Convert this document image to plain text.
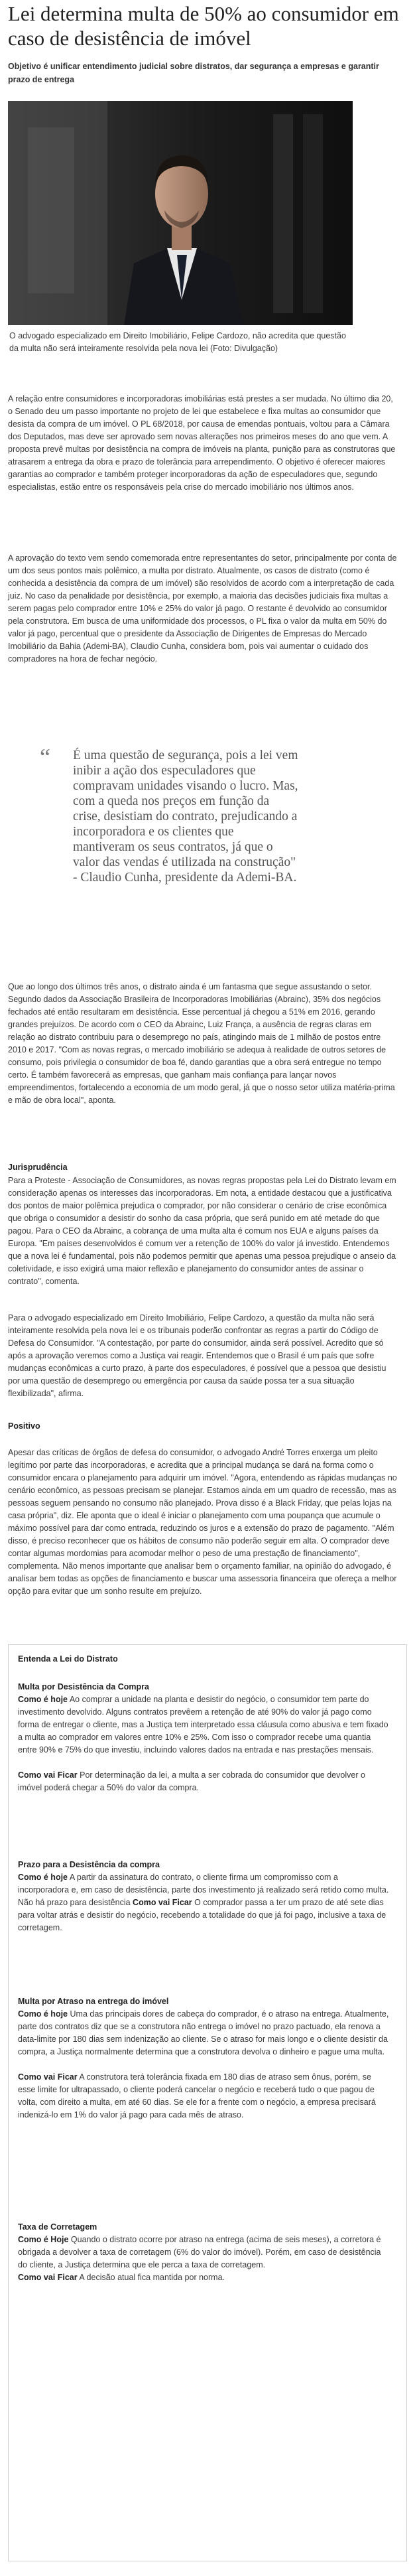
Lei determina multa de 50% ao consumidor em caso de desistência de imóvel
Objetivo é unificar entendimento judicial sobre distratos, dar segurança a empresas e garantir prazo de entrega
O advogado especializado em Direito Imobiliário, Felipe Cardozo, não acredita que questão da multa não será inteiramente resolvida pela nova lei (Foto: Divulgação)

A relação entre consumidores e incorporadoras imobiliárias está prestes a ser mudada. No último dia 20, o Senado deu um passo importante no projeto de lei que estabelece e fixa multas ao consumidor que desista da compra de um imóvel. O PL 68/2018, por causa de emendas pontuais, voltou para a Câmara dos Deputados, mas deve ser aprovado sem novas alterações nos primeiros meses do ano que vem. A proposta prevê multas por desistência na compra de imóveis na planta, punição para as construtoras que atrasarem a entrega da obra e prazo de tolerância para arrependimento. O objetivo é oferecer maiores garantias ao comprador e também proteger incorporadoras da ação de especuladores que, segundo especialistas, estão entre os responsáveis pela crise do mercado imobiliário nos últimos anos.

A aprovação do texto vem sendo comemorada entre representantes do setor, principalmente por conta de um dos seus pontos mais polêmico, a multa por distrato. Atualmente, os casos de distrato (como é conhecida a desistência da compra de um imóvel) são resolvidos de acordo com a interpretação de cada juiz. No caso da penalidade por desistência, por exemplo, a maioria das decisões judiciais fixa multas a serem pagas pelo comprador entre 10% e 25% do valor já pago. O restante é devolvido ao consumidor pela construtora. Em busca de uma uniformidade dos processos, o PL fixa o valor da multa em 50% do valor já pago, percentual que o presidente da Associação de Dirigentes de Empresas do Mercado Imobiliário da Bahia (Ademi-BA), Claudio Cunha, considera bom, pois vai aumentar o cuidado dos compradores na hora de fechar negócio.

“ É uma questão de segurança, pois a lei vem inibir a ação dos especuladores que compravam unidades visando o lucro. Mas, com a queda nos preços em função da crise, desistiam do contrato, prejudicando a incorporadora e os clientes que mantiveram os seus contratos, já que o valor das vendas é utilizada na construção" - Claudio Cunha, presidente da Ademi-BA.

Que ao longo dos últimos três anos, o distrato ainda é um fantasma que segue assustando o setor. Segundo dados da Associação Brasileira de Incorporadoras Imobiliárias (Abrainc), 35% dos negócios fechados até então resultaram em desistência. Esse percentual já chegou a 51% em 2016, gerando grandes prejuízos. De acordo com o CEO da Abrainc, Luiz França, a ausência de regras claras em relação ao distrato contribuiu para o desemprego no país, atingindo mais de 1 milhão de postos entre 2010 e 2017. "Com as novas regras, o mercado imobiliário se adequa à realidade de outros setores de consumo, pois privilegia o consumidor de boa fé, dando garantias que a obra será entregue no tempo certo. É também favorecerá as empresas, que ganham mais confiança para lançar novos empreendimentos, fortalecendo a economia de um modo geral, já que o nosso setor utiliza matéria-prima e mão de obra local", aponta.

Jurisprudência

Para a Proteste - Associação de Consumidores, as novas regras propostas pela Lei do Distrato levam em consideração apenas os interesses das incorporadoras. Em nota, a entidade destacou que a justificativa dos pontos de maior polêmica prejudica o comprador, por não considerar o cenário de crise econômica que obriga o consumidor a desistir do sonho da casa própria, que será punido em até metade do que pagou. Para o CEO da Abrainc, a cobrança de uma multa alta é comum nos EUA e alguns países da Europa. "Em países desenvolvidos é comum ver a retenção de 100% do valor já investido. Entendemos que a nova lei é fundamental, pois não podemos permitir que apenas uma pessoa prejudique o anseio da coletividade, e isso exigirá uma maior reflexão e planejamento do consumidor antes de assinar o contrato", comenta.

Para o advogado especializado em Direito Imobiliário, Felipe Cardozo, a questão da multa não será inteiramente resolvida pela nova lei e os tribunais poderão confrontar as regras a partir do Código de Defesa do Consumidor. "A contestação, por parte do consumidor, ainda será possível. Acredito que só após a aprovação veremos como a Justiça vai reagir. Entendemos que o Brasil é um país que sofre mudanças econômicas a curto prazo, à parte dos especuladores, é possível que a pessoa que desistiu por uma questão de desemprego ou emergência por causa da saúde possa ter a sua situação flexibilizada", afirma.

Positivo

Apesar das críticas de órgãos de defesa do consumidor, o advogado André Torres enxerga um pleito legítimo por parte das incorporadoras, e acredita que a principal mudança se dará na forma como o consumidor encara o planejamento para adquirir um imóvel. "Agora, entendendo as rápidas mudanças no cenário econômico, as pessoas precisam se planejar. Estamos ainda em um quadro de recessão, mas as pessoas seguem pensando no consumo não planejado. Prova disso é a Black Friday, que pelas lojas na casa própria", diz. Ele aponta que o ideal é iniciar o planejamento com uma poupança que acumule o máximo possível para dar como entrada, reduzindo os juros e a extensão do prazo de pagamento. "Além disso, é preciso reconhecer que os hábitos de consumo não poderão seguir em alta. O comprador deve contar algumas mordomias para acomodar melhor o peso de uma prestação de financiamento", complementa. Não menos importante que analisar bem o orçamento familiar, na opinião do advogado, é analisar bem todas as opções de financiamento e buscar uma assessoria financeira que ofereça a melhor opção para evitar que um sonho resulte em prejuízo.

Entenda a Lei do Distrato
Multa por Desistência da Compra
Como é hoje Ao comprar a unidade na planta e desistir do negócio, o consumidor tem parte do investimento devolvido. Alguns contratos prevêem a retenção de até 90% do valor já pago como forma de entregar o cliente, mas a Justiça tem interpretado essa cláusula como abusiva e tem fixado a multa ao comprador em valores entre 10% e 25%. Com isso o comprador recebe uma quantia entre 90% e 75% do que investiu, incluindo valores dados na entrada e nas prestações mensais.

Como vai Ficar Por determinação da lei, a multa a ser cobrada do consumidor que devolver o imóvel poderá chegar a 50% do valor da compra.
Prazo para a Desistência da compra
Como é hoje A partir da assinatura do contrato, o cliente firma um compromisso com a incorporadora e, em caso de desistência, parte dos investimento já realizado será retido como multa. Não há prazo para desistência Como vai Ficar O comprador passa a ter um prazo de até sete dias para voltar atrás e desistir do negócio, recebendo a totalidade do que já foi pago, inclusive a taxa de corretagem.
Multa por Atraso na entrega do imóvel
Como é hoje Uma das principais dores de cabeça do comprador, é o atraso na entrega. Atualmente, parte dos contratos diz que se a construtora não entrega o imóvel no prazo pactuado, ela renova a data-limite por 180 dias sem indenização ao cliente. Se o atraso for mais longo e o cliente desistir da compra, a Justiça normalmente determina que a construtora devolva o dinheiro e pague uma multa.

Como vai Ficar A construtora terá tolerância fixada em 180 dias de atraso sem ônus, porém, se esse limite for ultrapassado, o cliente poderá cancelar o negócio e receberá tudo o que pagou de volta, com direito a multa, em até 60 dias. Se ele for a frente com o negócio, a empresa precisará indenizá-lo em 1% do valor já pago para cada mês de atraso.
Taxa de Corretagem
Como é Hoje Quando o distrato ocorre por atraso na entrega (acima de seis meses), a corretora é obrigada a devolver a taxa de corretagem (6% do valor do imóvel). Porém, em caso de desistência do cliente, a Justiça determina que ele perca a taxa de corretagem.
Como vai Ficar A decisão atual fica mantida por norma.
